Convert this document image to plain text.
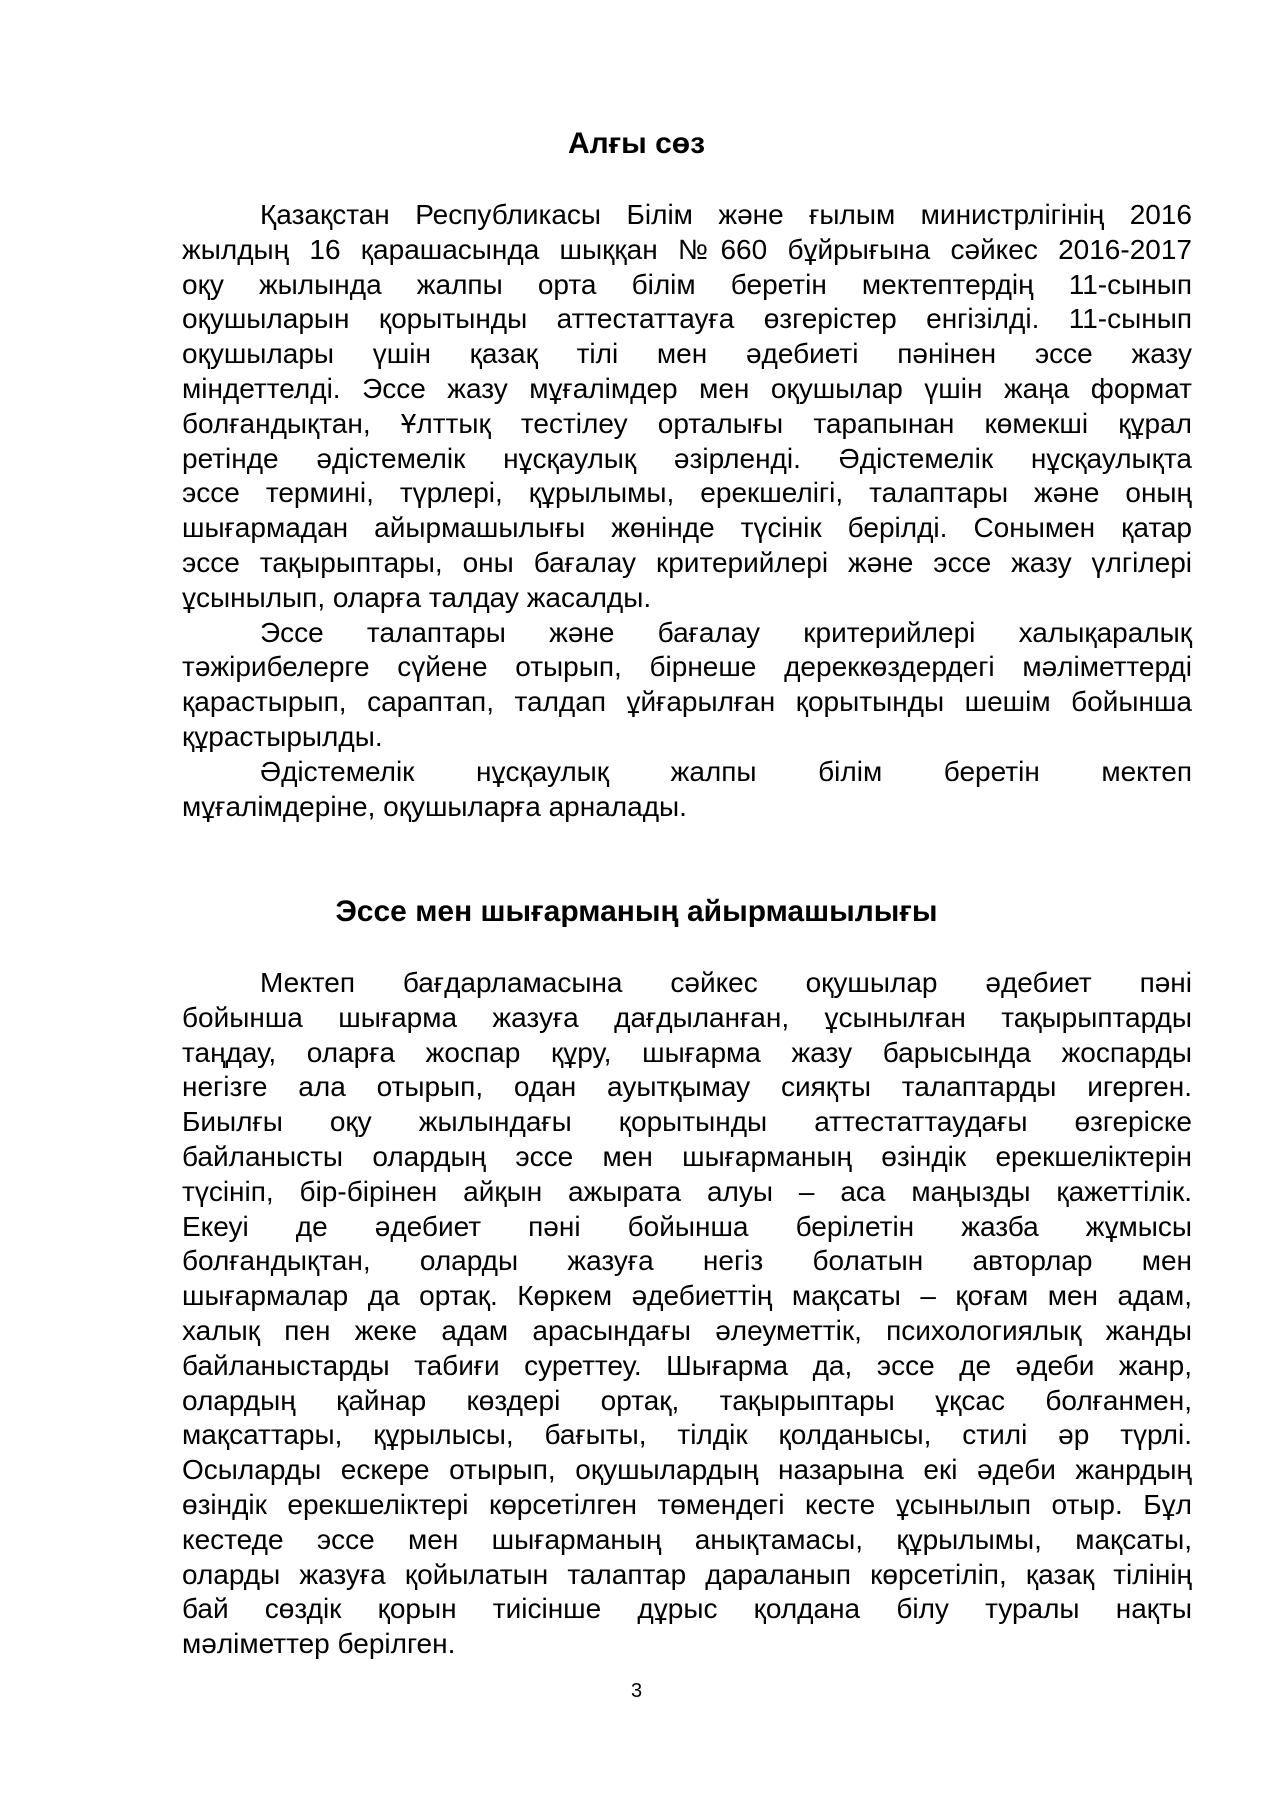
Алғы сөз
Қазақстан Республикасы Білім және ғылым министрлігінің 2016
жылдың 16 қарашасында шыққан №660 бұйрығына сәйкес 2016-2017
оқу жылында жалпы орта білім беретін мектептердің 11-сынып
оқушыларын қорытынды аттестаттауға өзгерістер енгізілді. 11-сынып
оқушылары үшін қазақ тілі мен әдебиеті пәнінен эссе жазу
міндеттелді. Эссе жазу мұғалімдер мен оқушылар үшін жаңа формат
болғандықтан, Ұлттық тестілеу орталығы тарапынан көмекші құрал
ретінде әдістемелік нұсқаулық әзірленді. Әдістемелік нұсқаулықта
эссе термині, түрлері, құрылымы, ерекшелігі, талаптары және оның
шығармадан айырмашылығы жөнінде түсінік берілді. Сонымен қатар
эссе тақырыптары, оны бағалау критерийлері және эссе жазу үлгілері
ұсынылып, оларға талдау жасалды.
Эссе талаптары және бағалау критерийлері халықаралық
тәжірибелерге сүйене отырып, бірнеше дереккөздердегі мәліметтерді
қарастырып, сараптап, талдап ұйғарылған қорытынды шешім бойынша
құрастырылды.
Әдістемелік нұсқаулық жалпы білім беретін мектеп
мұғалімдеріне, оқушыларға арналады.
Эссе мен шығарманың айырмашылығы
Мектеп бағдарламасына сәйкес оқушылар әдебиет пәні
бойынша шығарма жазуға дағдыланған, ұсынылған тақырыптарды
таңдау, оларға жоспар құру, шығарма жазу барысында жоспарды
негізге ала отырып, одан ауытқымау сияқты талаптарды игерген.
Биылғы оқу жылындағы қорытынды аттестаттаудағы өзгеріске
байланысты олардың эссе мен шығарманың өзіндік ерекшеліктерін
түсініп, бір-бірінен айқын ажырата алуы – аса маңызды қажеттілік.
Екеуі де әдебиет пәні бойынша берілетін жазба жұмысы
болғандықтан, оларды жазуға негіз болатын авторлар мен
шығармалар да ортақ. Көркем әдебиеттің мақсаты – қоғам мен адам,
халық пен жеке адам арасындағы әлеуметтік, психологиялық жанды
байланыстарды табиғи суреттеу. Шығарма да, эссе де әдеби жанр,
олардың қайнар көздері ортақ, тақырыптары ұқсас болғанмен,
мақсаттары, құрылысы, бағыты, тілдік қолданысы, стилі әр түрлі.
Осыларды ескере отырып, оқушылардың назарына екі әдеби жанрдың
өзіндік ерекшеліктері көрсетілген төмендегі кесте ұсынылып отыр. Бұл
кестеде эссе мен шығарманың анықтамасы, құрылымы, мақсаты,
оларды жазуға қойылатын талаптар дараланып көрсетіліп, қазақ тілінің
бай сөздік қорын тиісінше дұрыс қолдана білу туралы нақты
мәліметтер берілген.
3
